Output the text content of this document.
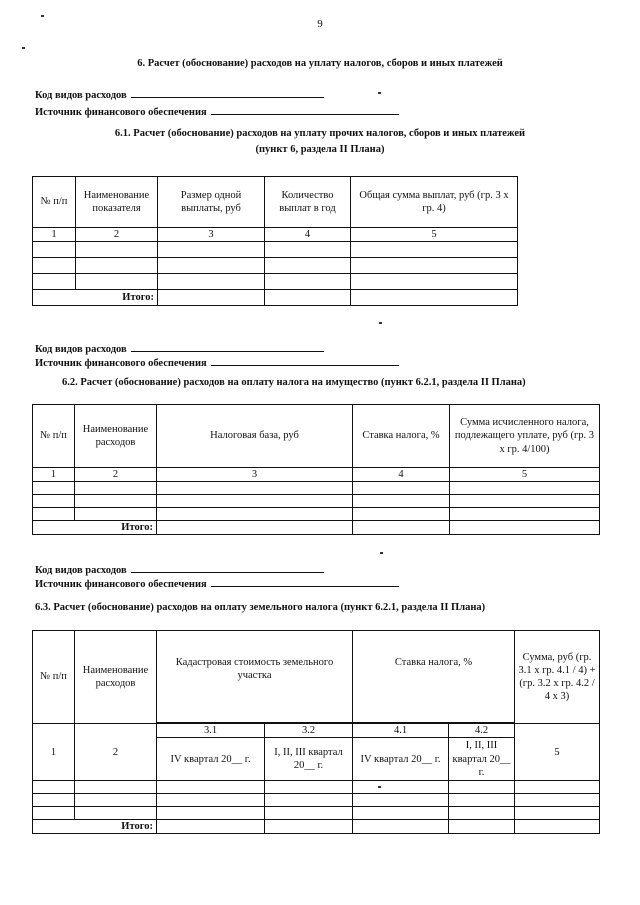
9
6. Расчет (обоснование) расходов на уплату налогов, сборов и иных платежей
Код видов расходов
Источник финансового обеспечения
6.1. Расчет (обоснование) расходов на уплату прочих налогов, сборов и иных платежей
(пункт 6, раздела II Плана)
№ п/п	Наименование показателя	Размер одной выплаты, руб	Количество выплат в год	Общая сумма выплат, руб (гр. 3 х гр. 4)
1	2	3	4	5

Итого:				
Код видов расходов
Источник финансового обеспечения
6.2. Расчет (обоснование) расходов на оплату налога на имущество (пункт 6.2.1, раздела II Плана)
№ п/п	Наименование расходов	Налоговая база, руб	Ставка налога, %	Сумма исчисленного налога, подлежащего уплате, руб (гр. 3 х гр. 4/100)
1	2	3	4	5

Итого:				
Код видов расходов
Источник финансового обеспечения
6.3. Расчет (обоснование) расходов на оплату земельного налога (пункт 6.2.1, раздела II Плана)
№ п/п	Наименование расходов	Кадастровая стоимость земельного участка		Ставка налога, %		Сумма, руб (гр. 3.1 х гр. 4.1 / 4) + (гр. 3.2 х гр. 4.2 / 4 х 3)

1	2	3.1	3.2	4.1	4.2	5
		IV квартал 20__ г.	I, II, III квартал 20__ г.	IV квартал 20__ г.	I, II, III квартал 20__ г.	

Итого:						
